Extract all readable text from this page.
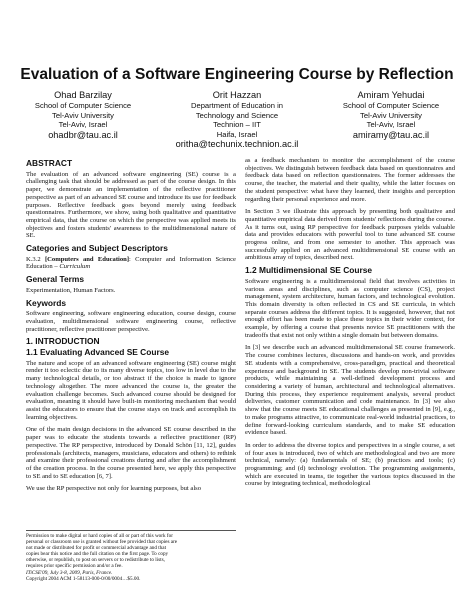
Evaluation of a Software Engineering Course by Reflection
Ohad Barzilay
School of Computer Science
Tel-Aviv University
Tel-Aviv, Israel
ohadbr@tau.ac.il
Orit Hazzan
Department of Education in
Technology and Science
Technion – IIT
Haifa, Israel
oritha@techunix.technion.ac.il
Amiram Yehudai
School of Computer Science
Tel-Aviv University
Tel-Aviv, Israel
amiramy@tau.ac.il
ABSTRACT
The evaluation of an advanced software engineering (SE) course is a challenging task that should be addressed as part of the course design. In this paper, we demonstrate an implementation of the reflective practitioner perspective as part of an advanced SE course and introduce its use for feedback purposes. Reflective feedback goes beyond merely using feedback questionnaires. Furthermore, we show, using both qualitative and quantitative empirical data, that the course on which the perspective was applied meets its objectives and fosters students' awareness to the multidimensional nature of SE.
Categories and Subject Descriptors
K.3.2 [Computers and Education]: Computer and Information Science Education – Curriculum
General Terms
Experimentation, Human Factors.
Keywords
Software engineering, software engineering education, course design, course evaluation, multidimensional software engineering course, reflective practitioner, reflective practitioner perspective.
1. INTRODUCTION
1.1 Evaluating Advanced SE Course
The nature and scope of an advanced software engineering (SE) course might render it too eclectic due to its many diverse topics, too low in level due to the many technological details, or too abstract if the choice is made to ignore technology altogether. The more advanced the course is, the greater the evaluation challenge becomes. Such advanced course should be designed for evaluation, meaning it should have built-in monitoring mechanism that would assist the educators to ensure that the course stays on track and accomplish its learning objectives.
One of the main design decisions in the advanced SE course described in the paper was to educate the students towards a reflective practitioner (RP) perspective. The RP perspective, introduced by Donald Schön [11, 12], guides professionals (architects, managers, musicians, educators and others) to rethink and examine their professional creations during and after the accomplishment of the creation process. In the course presented here, we apply this perspective to SE and to SE education [6, 7].
We use the RP perspective not only for learning purposes, but also
Permission to make digital or hard copies of all or part of this work for
personal or classroom use is granted without fee provided that copies are
not made or distributed for profit or commercial advantage and that
copies bear this notice and the full citation on the first page. To copy
otherwise, or republish, to post on servers or to redistribute to lists,
requires prior specific permission and/or a fee.
ITiCSE'09, July 3-8, 2009, Paris, France.
Copyright 2004 ACM 1-58113-000-0/00/0004…$5.00.
as a feedback mechanism to monitor the accomplishment of the course objectives. We distinguish between feedback data based on questionnaires and feedback data based on reflection questionnaires. The former addresses the course, the teacher, the material and their quality, while the latter focuses on the student perspective: what have they learned, their insights and perception regarding their personal experience and more.
In Section 3 we illustrate this approach by presenting both qualitative and quantitative empirical data derived from students' reflections during the course. As it turns out, using RP perspective for feedback purposes yields valuable data and provides educators with powerful tool to tune advanced SE course progress online, and from one semester to another. This approach was successfully applied on an advanced multidimensional SE course with an ambitious array of topics, described next.
1.2 Multidimensional SE Course
Software engineering is a multidimensional field that involves activities in various areas and disciplines, such as computer science (CS), project management, system architecture, human factors, and technological evolution. This domain diversity is often reflected in CS and SE curricula, in which separate courses address the different topics. It is suggested, however, that not enough effort has been made to place these topics in their wider context, for example, by offering a course that presents novice SE practitioners with the tradeoffs that exist not only within a single domain but between domains.
In [3] we describe such an advanced multidimensional SE course framework. The course combines lectures, discussions and hands-on work, and provides SE students with a comprehensive, cross-paradigm, practical and theoretical experience and background in SE. The students develop non-trivial software products, while maintaining a well-defined development process and considering a variety of human, architectural and technological alternatives. During this process, they experience requirement analysis, several product deliveries, customer communication and code maintenance. In [3] we also show that the course meets SE educational challenges as presented in [9], e.g., to make programs attractive, to communicate real-world industrial practices, to define forward-looking curriculum standards, and to make SE education evidence based.
In order to address the diverse topics and perspectives in a single course, a set of four axes is introduced, two of which are methodological and two are more technical, namely: (a) fundamentals of SE; (b) practices and tools; (c) programming; and (d) technology evolution. The programming assignments, which are executed in teams, tie together the various topics discussed in the course by integrating technical, methodological
